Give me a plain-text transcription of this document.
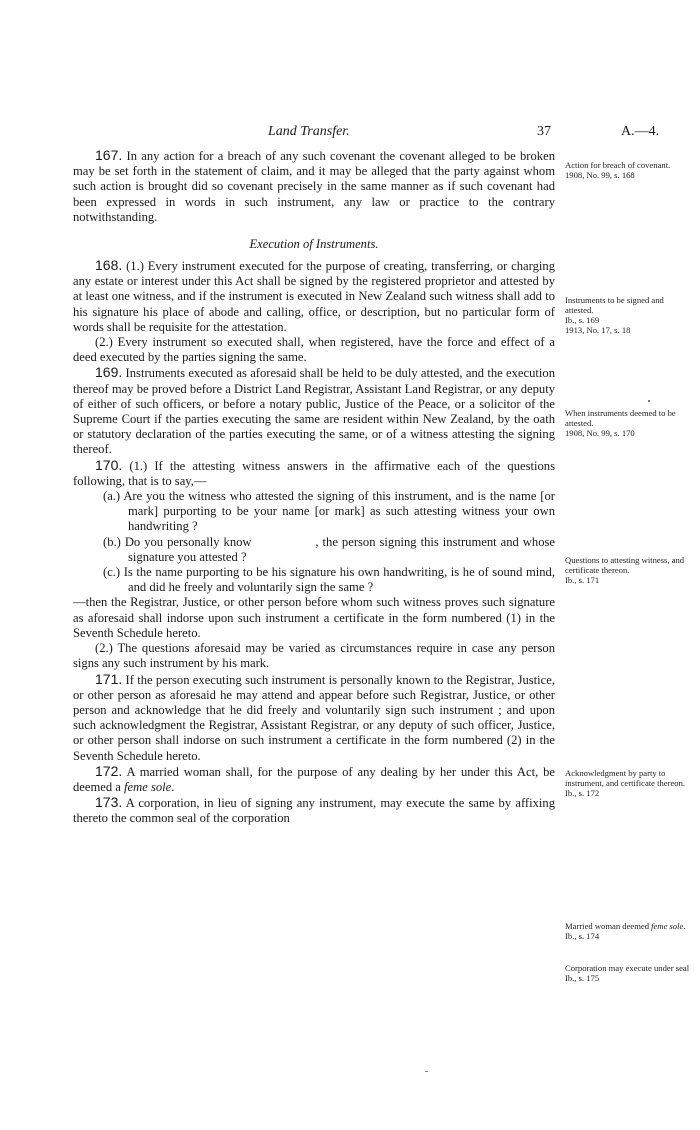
Land Transfer.	37	A.—4.

167. In any action for a breach of any such covenant the covenant alleged to be broken may be set forth in the statement of claim, and it may be alleged that the party against whom such action is brought did so covenant precisely in the same manner as if such covenant had been expressed in words in such instrument, any law or practice to the contrary notwithstanding.

Execution of Instruments.

168. (1.) Every instrument executed for the purpose of creating, transferring, or charging any estate or interest under this Act shall be signed by the registered proprietor and attested by at least one witness, and if the instrument is executed in New Zealand such witness shall add to his signature his place of abode and calling, office, or description, but no particular form of words shall be requisite for the attestation.

(2.) Every instrument so executed shall, when registered, have the force and effect of a deed executed by the parties signing the same.

169. Instruments executed as aforesaid shall be held to be duly attested, and the execution thereof may be proved before a District Land Registrar, Assistant Land Registrar, or any deputy of either of such officers, or before a notary public, Justice of the Peace, or a solicitor of the Supreme Court if the parties executing the same are resident within New Zealand, by the oath or statutory declaration of the parties executing the same, or of a witness attesting the signing thereof.

170. (1.) If the attesting witness answers in the affirmative each of the questions following, that is to say,—

(a.) Are you the witness who attested the signing of this instrument, and is the name [or mark] purporting to be your name [or mark] as such attesting witness your own handwriting ?

(b.) Do you personally know                , the person signing this instrument and whose signature you attested ?

(c.) Is the name purporting to be his signature his own handwriting, is he of sound mind, and did he freely and voluntarily sign the same ?

—then the Registrar, Justice, or other person before whom such witness proves such signature as aforesaid shall indorse upon such instrument a certificate in the form numbered (1) in the Seventh Schedule hereto.

(2.) The questions aforesaid may be varied as circumstances require in case any person signs any such instrument by his mark.

171. If the person executing such instrument is personally known to the Registrar, Justice, or other person as aforesaid he may attend and appear before such Registrar, Justice, or other person and acknowledge that he did freely and voluntarily sign such instrument ; and upon such acknowledgment the Registrar, Assistant Registrar, or any deputy of such officer, Justice, or other person shall indorse on such instrument a certificate in the form numbered (2) in the Seventh Schedule hereto.

172. A married woman shall, for the purpose of any dealing by her under this Act, be deemed a feme sole.

173. A corporation, in lieu of signing any instrument, may execute the same by affixing thereto the common seal of the corporation

Action for breach of covenant.
1908, No. 99, s. 168
Instruments to be signed and attested.
Ib., s. 169
1913, No. 17, s. 18
When instruments deemed to be attested.
1908, No. 99, s. 170
Questions to attesting witness, and certificate thereon.
Ib., s. 171
Acknowledgment by party to instrument, and certificate thereon.
Ib., s. 172
Married woman deemed feme sole.
Ib., s. 174
Corporation may execute under seal
Ib., s. 175
